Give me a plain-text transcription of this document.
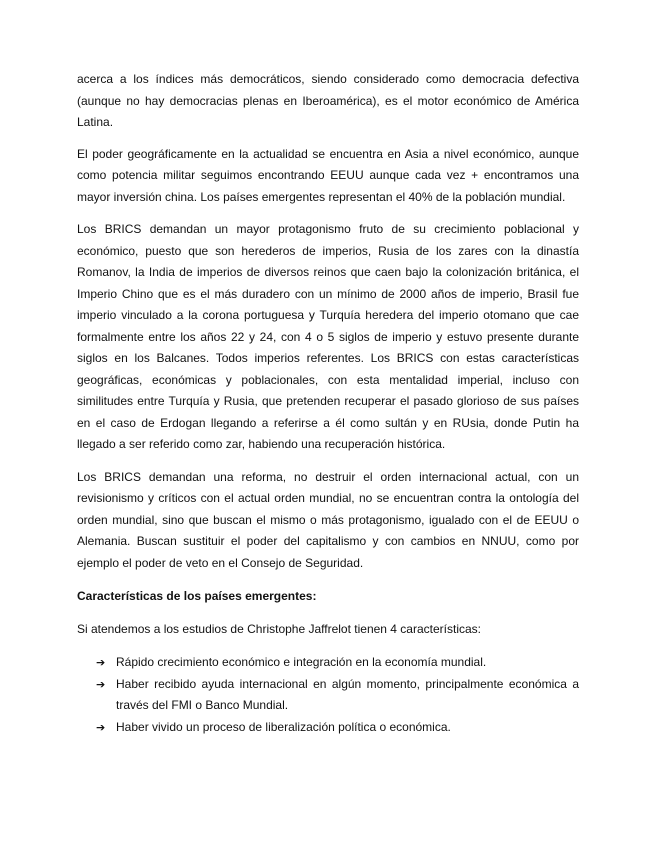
acerca a los índices más democráticos, siendo considerado como democracia defectiva (aunque no hay democracias plenas en Iberoamérica), es el motor económico de América Latina.

El poder geográficamente en la actualidad se encuentra en Asia a nivel económico, aunque como potencia militar seguimos encontrando EEUU aunque cada vez + encontramos una mayor inversión china. Los países emergentes representan el 40% de la población mundial.

Los BRICS demandan un mayor protagonismo fruto de su crecimiento poblacional y económico, puesto que son herederos de imperios, Rusia de los zares con la dinastía Romanov, la India de imperios de diversos reinos que caen bajo la colonización británica, el Imperio Chino que es el más duradero con un mínimo de 2000 años de imperio, Brasil fue imperio vinculado a la corona portuguesa y Turquía heredera del imperio otomano que cae formalmente entre los años 22 y 24, con 4 o 5 siglos de imperio y estuvo presente durante siglos en los Balcanes. Todos imperios referentes. Los BRICS con estas características geográficas, económicas y poblacionales, con esta mentalidad imperial, incluso con similitudes entre Turquía y Rusia, que pretenden recuperar el pasado glorioso de sus países en el caso de Erdogan llegando a referirse a él como sultán y en RUsia, donde Putin ha llegado a ser referido como zar, habiendo una recuperación histórica.

Los BRICS demandan una reforma, no destruir el orden internacional actual, con un revisionismo y críticos con el actual orden mundial, no se encuentran contra la ontología del orden mundial, sino que buscan el mismo o más protagonismo, igualado con el de EEUU o Alemania. Buscan sustituir el poder del capitalismo y con cambios en NNUU, como por ejemplo el poder de veto en el Consejo de Seguridad.

Características de los países emergentes:
Si atendemos a los estudios de Christophe Jaffrelot tienen 4 características:
➔ Rápido crecimiento económico e integración en la economía mundial.
➔ Haber recibido ayuda internacional en algún momento, principalmente económica a través del FMI o Banco Mundial.
➔ Haber vivido un proceso de liberalización política o económica.
